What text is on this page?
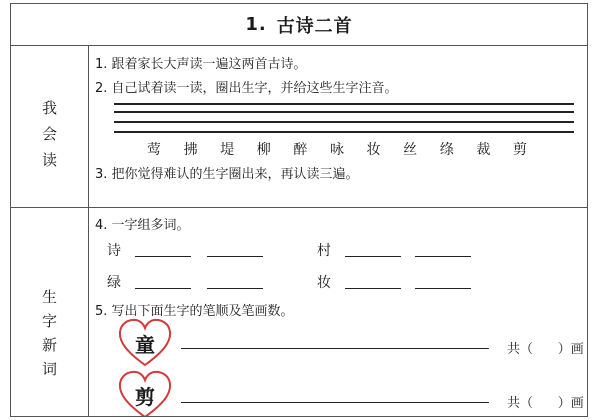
1. 古诗二首
我
会
读
1. 跟着家长大声读一遍这两首古诗。
2. 自己试着读一读，圈出生字，并给这些生字注音。
莺 拂 堤 柳 醉 咏 妆 丝 绦 裁 剪
3. 把你觉得难认的生字圈出来，再认读三遍。
生
字
新
词
4. 一字组多词。
诗	村
绿	妆
5. 写出下面生字的笔顺及笔画数。
童	共（      ）画
剪	共（      ）画
